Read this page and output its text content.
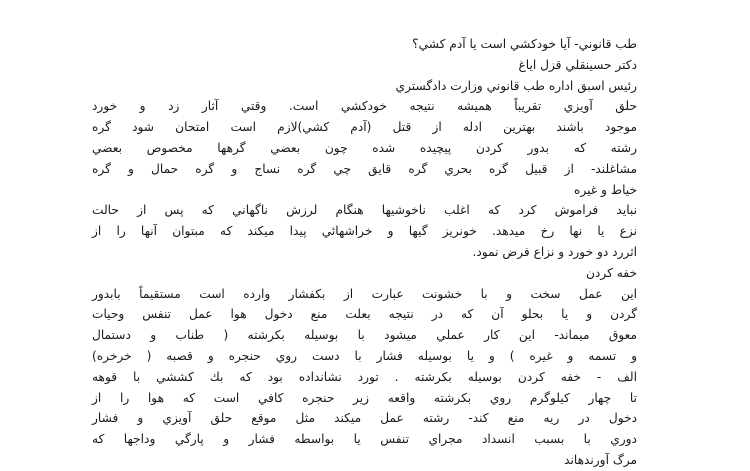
طب قانوني- آيا خودکشي است يا آدم کشي؟
دکتر حسينقلي قزل اياغ
رئيس اسبق اداره طب قانوني وزارت دادگستري
حلق آويزي تقريباً هميشه نتيجه خودکشي است. وقتي آثار زد و خورد
موجود باشند بهترين ادله از قتل (آدم کشي)لازم است امتحان شود گره
رشته که بدور کردن پيچيده شده چون بعضي گرهها مخصوص بعضي
مشاغلند- از قبيل گره بحري گره قايق چي گره نساج و گره حمال و گره
خياط و غيره
نبايد فراموش کرد که اغلب ناخوشيها هنگام لرزش ناگهاني که پس از حالت
نزع يا نها رخ ميدهد. خونريز گيها و خراشهائي پيدا ميکند که مبتوان آنها را از
اثررد دو خورد و نزاع فرض نمود.
خفه کردن
اين عمل سخت و با خشونت عبارت از بکفشار وارده است مستقيماً بابدور
گردن و يا بحلو آن که در نتيجه بعلت منع دخول هوا عمل تنفس وحيات
معوق ميماند- اين کار عملي ميشود با بوسيله بکرشته ( طناب و دستمال
و تسمه و غيره ) و يا بوسيله فشار با دست روي حنجره و قصبه ( خرخره)
الف - خفه کردن بوسيله بکرشته . تورد نشانداده بود که بك کششي با قوهه
تا چهار کيلوگرم روي بکرشته واقعه زير حنجره کافي است که هوا را از
دخول در ريه منع کند- رشته عمل ميکند مثل موقع حلق آويزي و فشار
دوري با بسبب انسداد مجراي تنفس يا بواسطه فشار و پارگي وداجها که
مرگ آورندهاند
